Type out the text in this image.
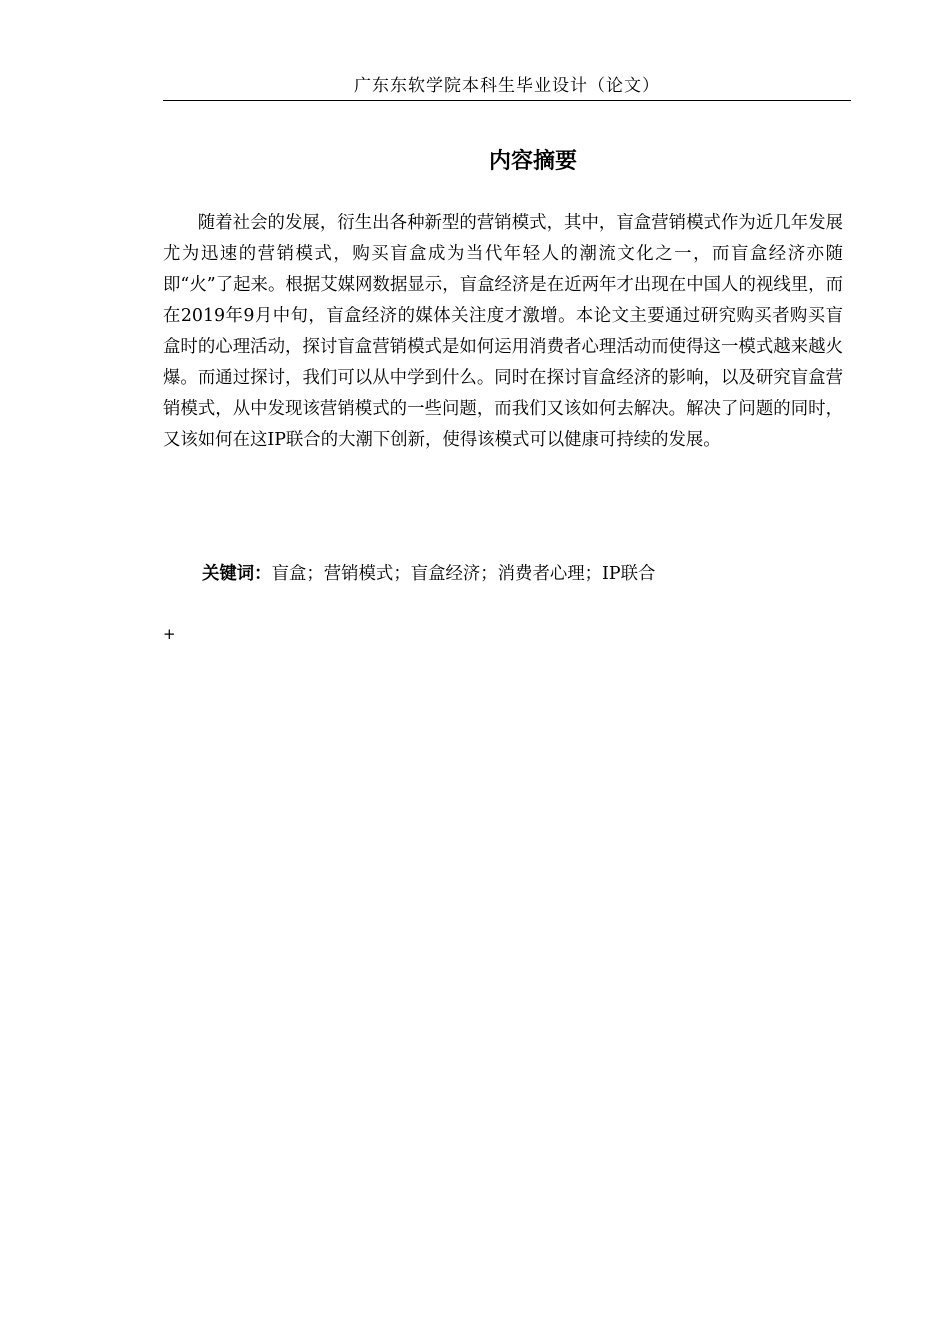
广东东软学院本科生毕业设计（论文）
内容摘要

随着社会的发展，衍生出各种新型的营销模式，其中，盲盒营销模式作为近几年发展尤为迅速的营销模式，购买盲盒成为当代年轻人的潮流文化之一，而盲盒经济亦随即“火”了起来。根据艾媒网数据显示，盲盒经济是在近两年才出现在中国人的视线里，而在2019年9月中旬，盲盒经济的媒体关注度才激增。本论文主要通过研究购买者购买盲盒时的心理活动，探讨盲盒营销模式是如何运用消费者心理活动而使得这一模式越来越火爆。而通过探讨，我们可以从中学到什么。同时在探讨盲盒经济的影响，以及研究盲盒营销模式，从中发现该营销模式的一些问题，而我们又该如何去解决。解决了问题的同时，又该如何在这IP联合的大潮下创新，使得该模式可以健康可持续的发展。

关键词：盲盒；营销模式；盲盒经济；消费者心理；IP联合
+
